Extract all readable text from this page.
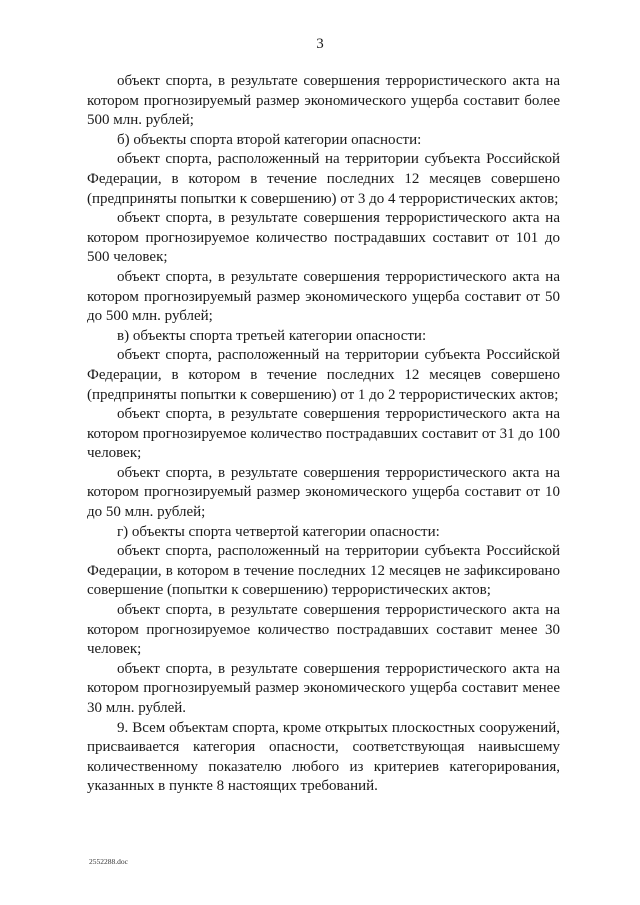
3

объект спорта, в результате совершения террористического акта на котором прогнозируемый размер экономического ущерба составит более 500 млн. рублей;

б) объекты спорта второй категории опасности:

объект спорта, расположенный на территории субъекта Российской Федерации, в котором в течение последних 12 месяцев совершено (предприняты попытки к совершению) от 3 до 4 террористических актов;

объект спорта, в результате совершения террористического акта на котором прогнозируемое количество пострадавших составит от 101 до 500 человек;

объект спорта, в результате совершения террористического акта на котором прогнозируемый размер экономического ущерба составит от 50 до 500 млн. рублей;

в) объекты спорта третьей категории опасности:

объект спорта, расположенный на территории субъекта Российской Федерации, в котором в течение последних 12 месяцев совершено (предприняты попытки к совершению) от 1 до 2 террористических актов;

объект спорта, в результате совершения террористического акта на котором прогнозируемое количество пострадавших составит от 31 до 100 человек;

объект спорта, в результате совершения террористического акта на котором прогнозируемый размер экономического ущерба составит от 10 до 50 млн. рублей;

г) объекты спорта четвертой категории опасности:

объект спорта, расположенный на территории субъекта Российской Федерации, в котором в течение последних 12 месяцев не зафиксировано совершение (попытки к совершению) террористических актов;

объект спорта, в результате совершения террористического акта на котором прогнозируемое количество пострадавших составит менее 30 человек;

объект спорта, в результате совершения террористического акта на котором прогнозируемый размер экономического ущерба составит менее 30 млн. рублей.

9. Всем объектам спорта, кроме открытых плоскостных сооружений, присваивается категория опасности, соответствующая наивысшему количественному показателю любого из критериев категорирования, указанных в пункте 8 настоящих требований.

2552288.doc
